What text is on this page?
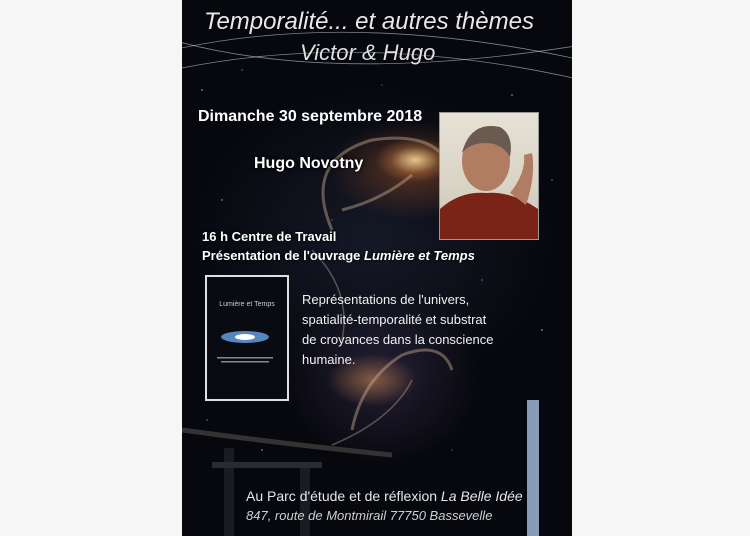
Temporalité... et autres thèmes
Victor & Hugo
Dimanche 30 septembre 2018
Hugo Novotny
16 h Centre de Travail
Présentation de l'ouvrage Lumière et Temps
Lumière et Temps	Représentations de l'univers, spatialité-temporalité et substrat de croyances dans la conscience humaine.
Au Parc d'étude et de réflexion La Belle Idée
847, route de Montmirail 77750 Bassevelle
